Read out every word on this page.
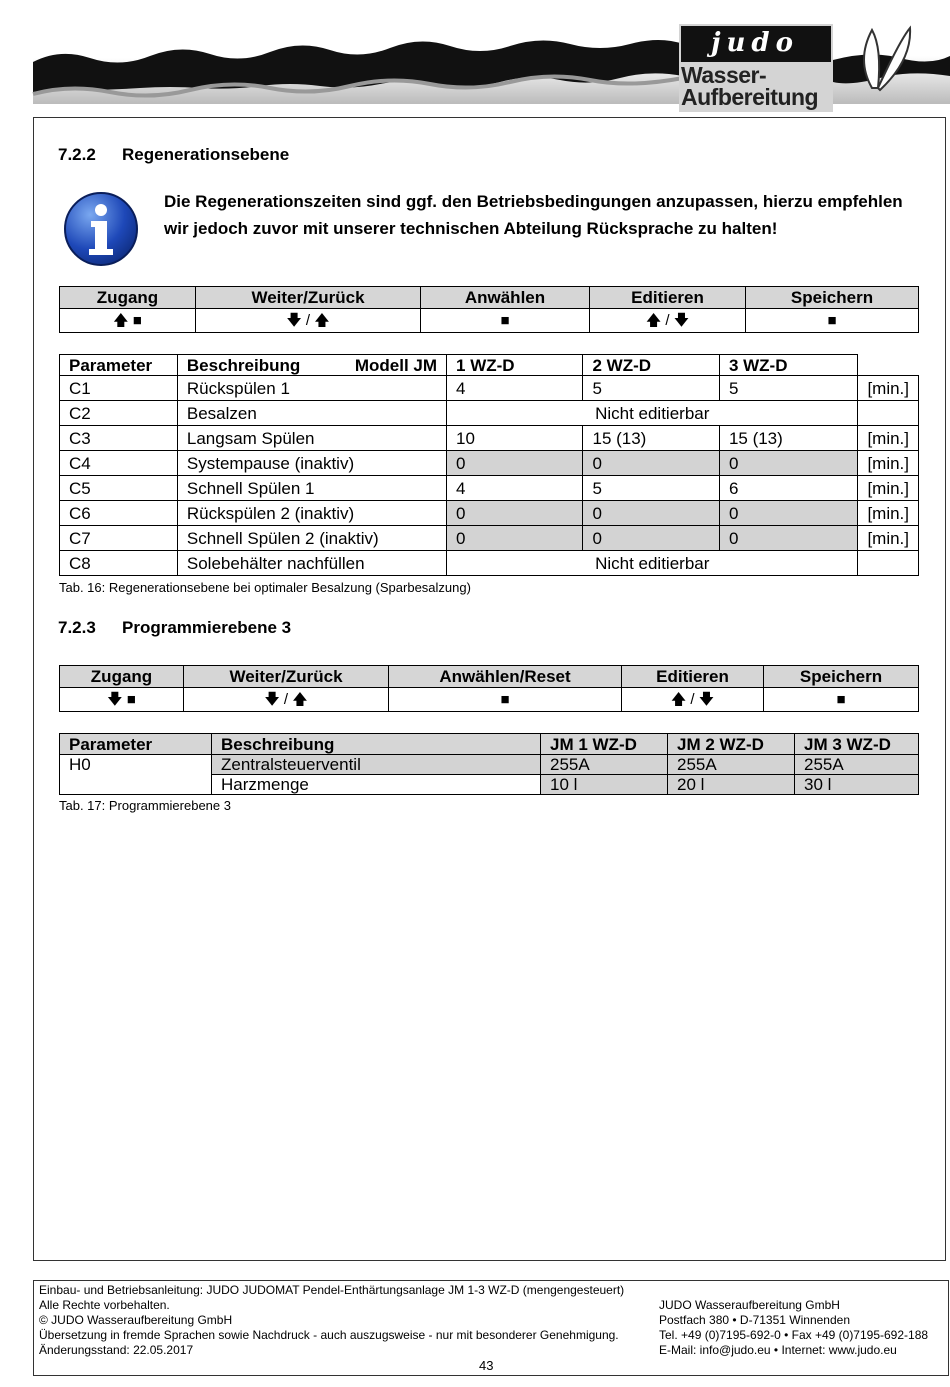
judo
Wasser-
Aufbereitung
7.2.2 Regenerationsebene
Die Regenerationszeiten sind ggf. den Betriebsbedingungen anzupassen, hierzu empfehlen wir jedoch zuvor mit unserer technischen Abteilung Rücksprache zu halten!
Zugang	Weiter/Zurück	Anwählen	Editieren	Speichern
🡅 ■	🡇 / 🡅	■	🡅 / 🡇	■
Parameter	Beschreibung Modell JM	1 WZ-D	2 WZ-D	3 WZ-D	
C1	Rückspülen 1	4	5	5	[min.]
C2	Besalzen	Nicht editierbar			
C3	Langsam Spülen	10	15 (13)	15 (13)	[min.]
C4	Systempause (inaktiv)	0	0	0	[min.]
C5	Schnell Spülen 1	4	5	6	[min.]
C6	Rückspülen 2 (inaktiv)	0	0	0	[min.]
C7	Schnell Spülen 2 (inaktiv)	0	0	0	[min.]
C8	Solebehälter nachfüllen	Nicht editierbar			
Tab. 16: Regenerationsebene bei optimaler Besalzung (Sparbesalzung)
7.2.3 Programmierebene 3
Zugang	Weiter/Zurück	Anwählen/Reset	Editieren	Speichern
🡇 ■	🡇 / 🡅	■	🡅 / 🡇	■
Parameter	Beschreibung	JM 1 WZ-D	JM 2 WZ-D	JM 3 WZ-D
H0	Zentralsteuerventil	255A	255A	255A
	Harzmenge	10 l	20 l	30 l
Tab. 17: Programmierebene 3
Einbau- und Betriebsanleitung: JUDO JUDOMAT Pendel-Enthärtungsanlage JM 1-3 WZ-D (mengengesteuert)
Alle Rechte vorbehalten.
© JUDO Wasseraufbereitung GmbH
Übersetzung in fremde Sprachen sowie Nachdruck - auch auszugsweise - nur mit besonderer Genehmigung.
Änderungsstand: 22.05.2017
JUDO Wasseraufbereitung GmbH
Postfach 380 • D-71351 Winnenden
Tel. +49 (0)7195-692-0 • Fax +49 (0)7195-692-188
E-Mail: info@judo.eu • Internet: www.judo.eu
43
